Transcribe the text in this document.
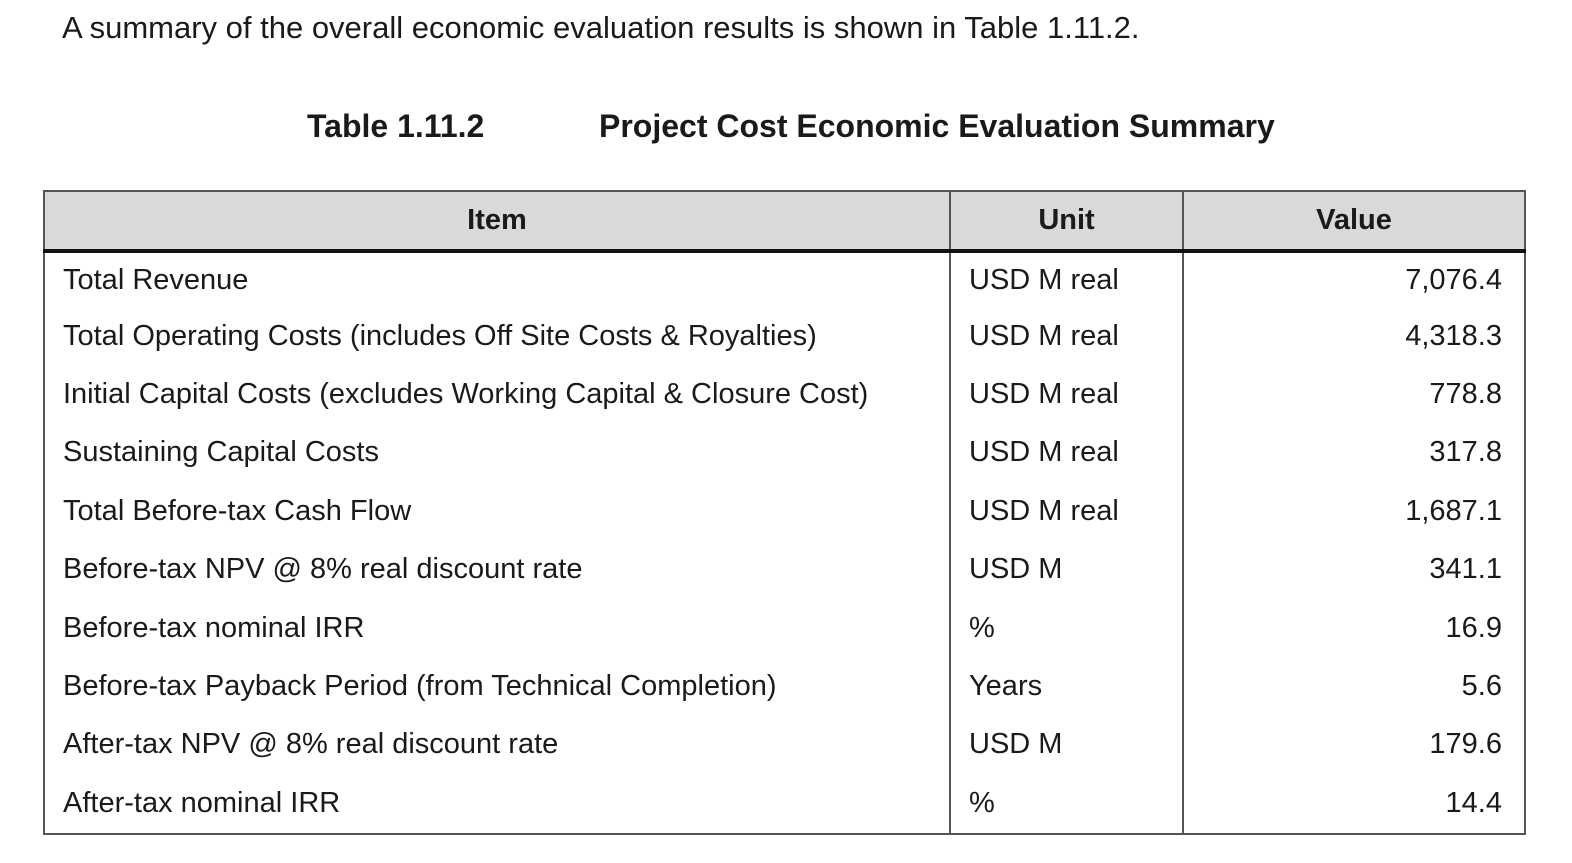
A summary of the overall economic evaluation results is shown in Table 1.11.2.
Table 1.11.2	Project Cost Economic Evaluation Summary
Item	Unit	Value
Total Revenue	USD M real	7,076.4
Total Operating Costs (includes Off Site Costs & Royalties)	USD M real	4,318.3
Initial Capital Costs (excludes Working Capital & Closure Cost)	USD M real	778.8
Sustaining Capital Costs	USD M real	317.8
Total Before-tax Cash Flow	USD M real	1,687.1
Before-tax NPV @ 8% real discount rate	USD M	341.1
Before-tax nominal IRR	%	16.9
Before-tax Payback Period (from Technical Completion)	Years	5.6
After-tax NPV @ 8% real discount rate	USD M	179.6
After-tax nominal IRR	%	14.4
